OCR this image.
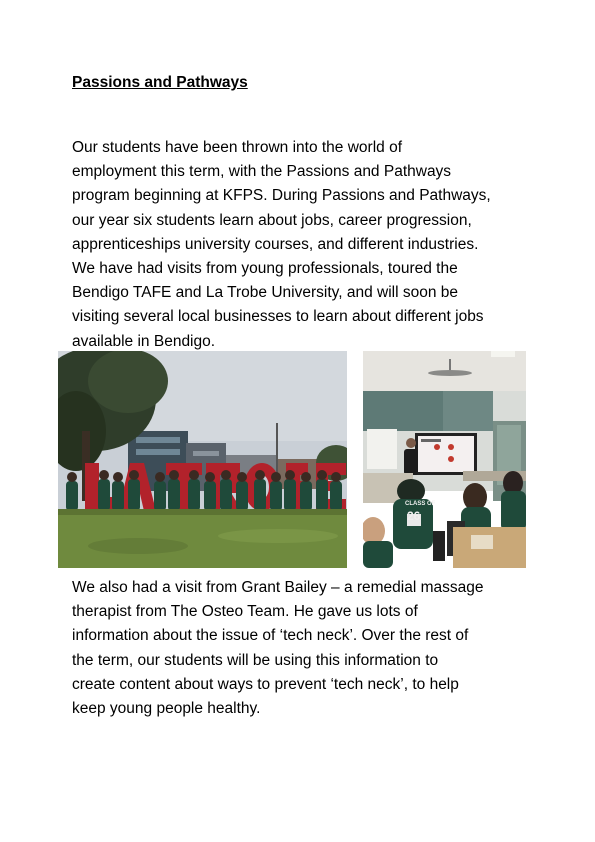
Passions and Pathways
Our students have been thrown into the world of
employment this term, with the Passions and Pathways
program beginning at KFPS. During Passions and Pathways,
our year six students learn about jobs, career progression,
apprenticeships university courses, and different industries.
We have had visits from young professionals, toured the
Bendigo TAFE and La Trobe University, and will soon be
visiting several local businesses to learn about different jobs
available in Bendigo.
CLASS OF
26
We also had a visit from Grant Bailey – a remedial massage
therapist from The Osteo Team. He gave us lots of
information about the issue of ‘tech neck’. Over the rest of
the term, our students will be using this information to
create content about ways to prevent ‘tech neck’, to help
keep young people healthy.
